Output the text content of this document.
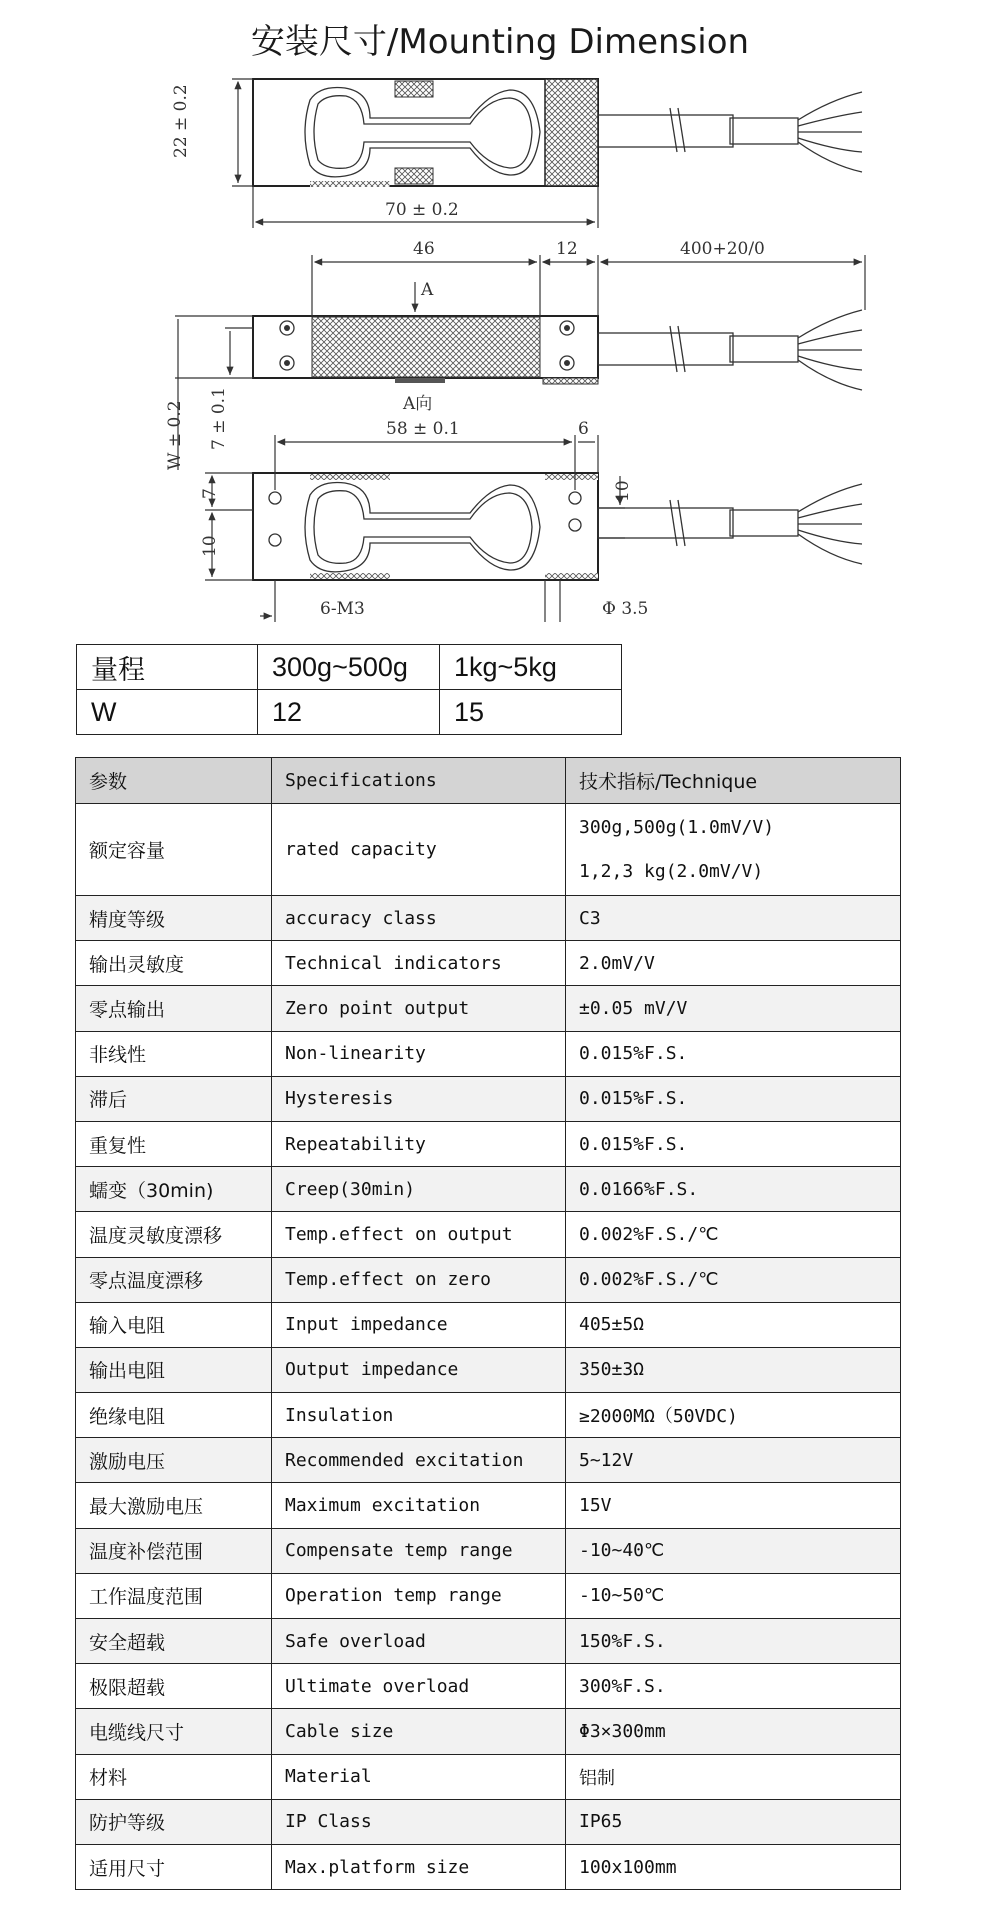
安装尺寸/Mounting Dimension
22 ± 0.2
70 ± 0.2
46	12	400+20/0
A
A向
W ± 0.2 7 ± 0.1	58 ± 0.1	6
10
7
10
6-M3	Φ 3.5
量程	300g~500g	1kg~5kg
W	12	15
参数	Specifications	技术指标/Technique
额定容量	rated capacity	300g,500g(1.0mV/V)
1,2,3 kg(2.0mV/V)

精度等级	accuracy class	C3
输出灵敏度	Technical indicators	2.0mV/V
零点输出	Zero point output	±0.05 mV/V
非线性	Non-linearity	0.015%F.S.
滞后	Hysteresis	0.015%F.S.
重复性	Repeatability	0.015%F.S.
蠕变（30min)	Creep(30min)	0.0166%F.S.
温度灵敏度漂移	Temp.effect on output	0.002%F.S./℃
零点温度漂移	Temp.effect on zero	0.002%F.S./℃
输入电阻	Input impedance	405±5Ω
输出电阻	Output impedance	350±3Ω
绝缘电阻	Insulation	≥2000MΩ（50VDC)
激励电压	Recommended excitation	5~12V
最大激励电压	Maximum excitation	15V
温度补偿范围	Compensate temp range	-10~40℃
工作温度范围	Operation temp range	-10~50℃
安全超载	Safe overload	150%F.S.
极限超载	Ultimate overload	300%F.S.
电缆线尺寸	Cable size	Φ3×300mm
材料	Material	铝制
防护等级	IP Class	IP65
适用尺寸	Max.platform size	100x100mm
